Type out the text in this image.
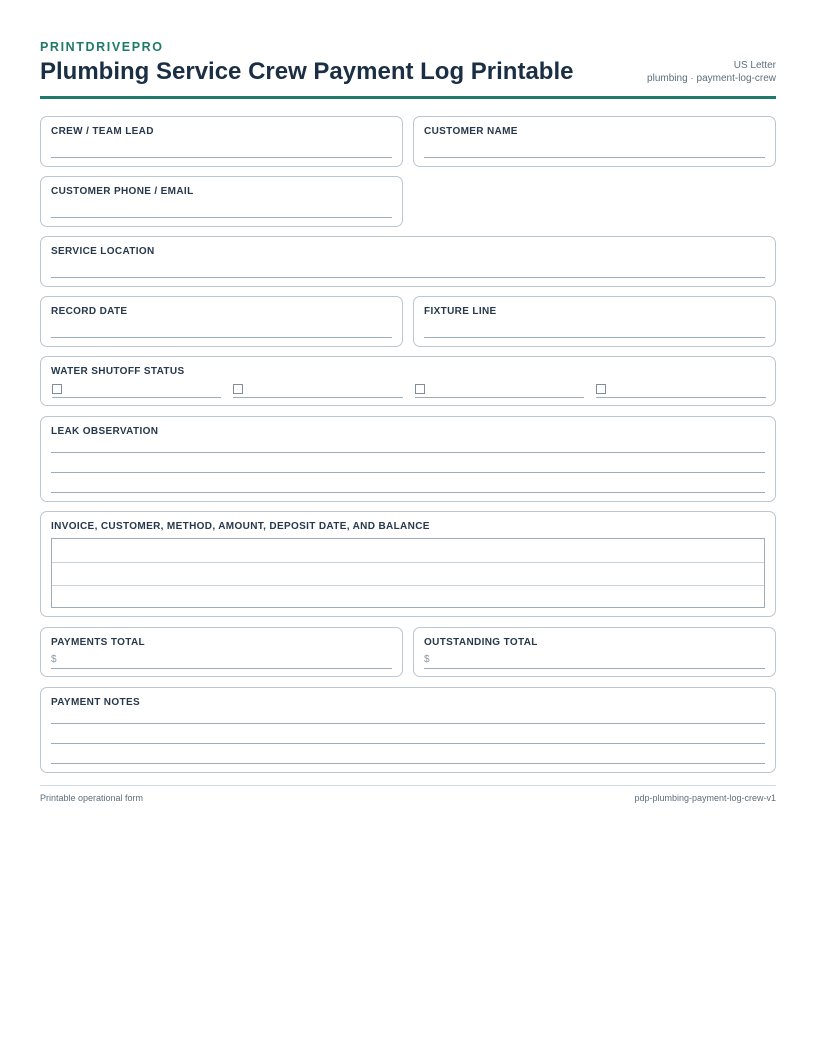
PRINTDRIVEPRO
Plumbing Service Crew Payment Log Printable	US Letter
plumbing · payment-log-crew
CREW / TEAM LEAD	CUSTOMER NAME
CUSTOMER PHONE / EMAIL
SERVICE LOCATION
RECORD DATE	FIXTURE LINE
WATER SHUTOFF STATUS
LEAK OBSERVATION
INVOICE, CUSTOMER, METHOD, AMOUNT, DEPOSIT DATE, AND BALANCE
PAYMENTS TOTAL
$
OUTSTANDING TOTAL
$
PAYMENT NOTES
Printable operational form	pdp-plumbing-payment-log-crew-v1
